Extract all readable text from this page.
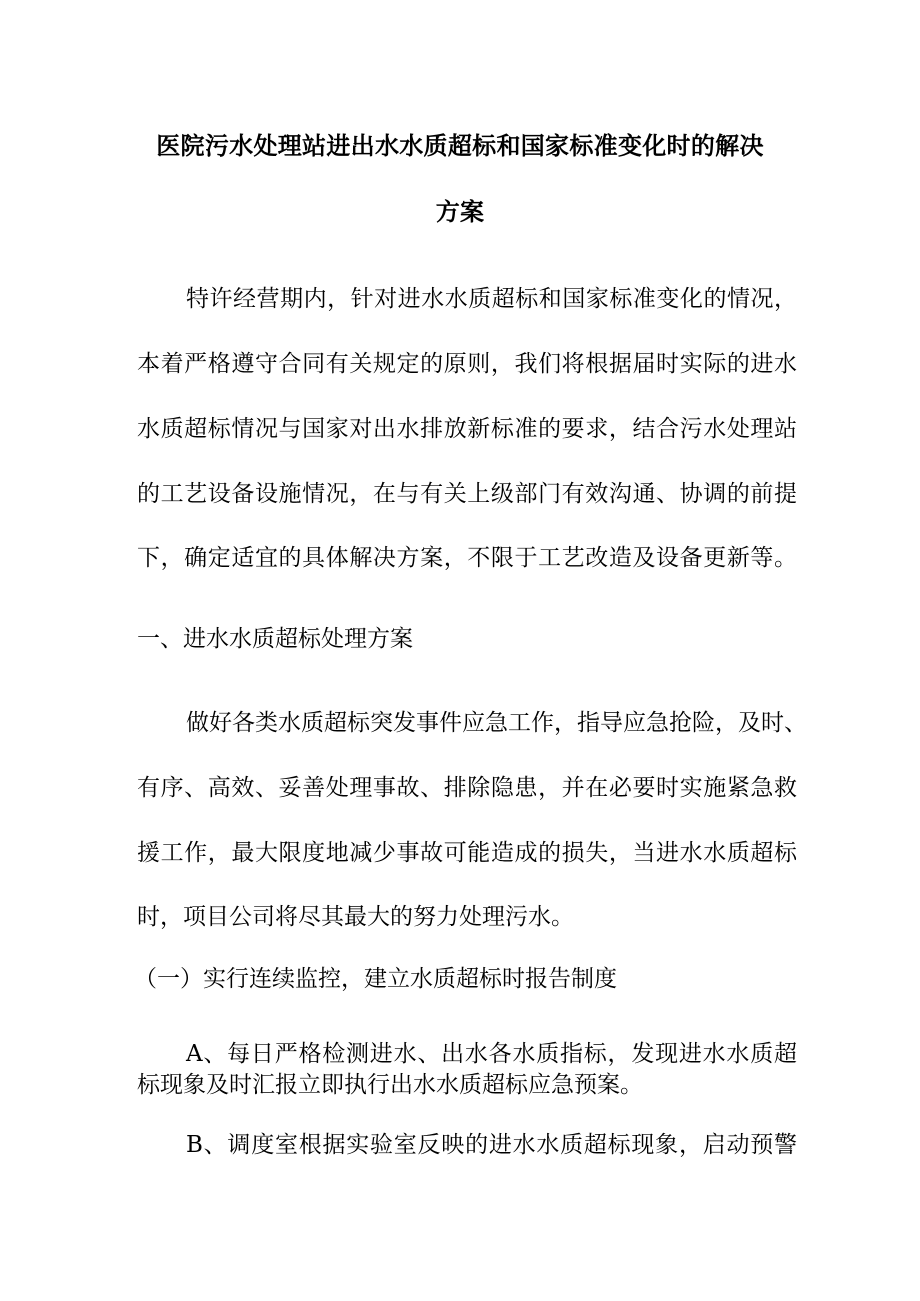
医院污水处理站进出水水质超标和国家标准变化时的解决
方案
特许经营期内，针对进水水质超标和国家标准变化的情况，
本着严格遵守合同有关规定的原则，我们将根据届时实际的进水
水质超标情况与国家对出水排放新标准的要求，结合污水处理站
的工艺设备设施情况，在与有关上级部门有效沟通、协调的前提
下，确定适宜的具体解决方案，不限于工艺改造及设备更新等。
一、进水水质超标处理方案
做好各类水质超标突发事件应急工作，指导应急抢险，及时、
有序、高效、妥善处理事故、排除隐患，并在必要时实施紧急救
援工作，最大限度地减少事故可能造成的损失，当进水水质超标
时，项目公司将尽其最大的努力处理污水。
（一）实行连续监控，建立水质超标时报告制度
A、每日严格检测进水、出水各水质指标，发现进水水质超
标现象及时汇报立即执行出水水质超标应急预案。
B、调度室根据实验室反映的进水水质超标现象，启动预警
